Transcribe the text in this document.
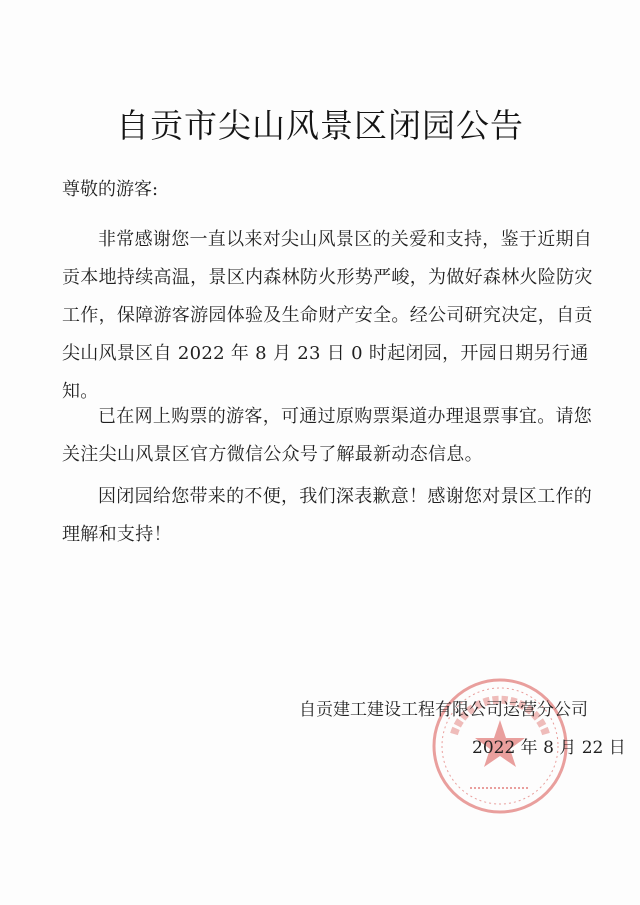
自贡市尖山风景区闭园公告
尊敬的游客:

非常感谢您一直以来对尖山风景区的关爱和支持，鉴于近期自贡本地持续高温，景区内森林防火形势严峻，为做好森林火险防灾工作，保障游客游园体验及生命财产安全。经公司研究决定，自贡尖山风景区自 2022 年 8 月 23 日 0 时起闭园，开园日期另行通知。

已在网上购票的游客，可通过原购票渠道办理退票事宜。请您关注尖山风景区官方微信公众号了解最新动态信息。

因闭园给您带来的不便，我们深表歉意！感谢您对景区工作的理解和支持！

自贡建工建设工程有限公司运营分公司
2022 年 8 月 22 日
